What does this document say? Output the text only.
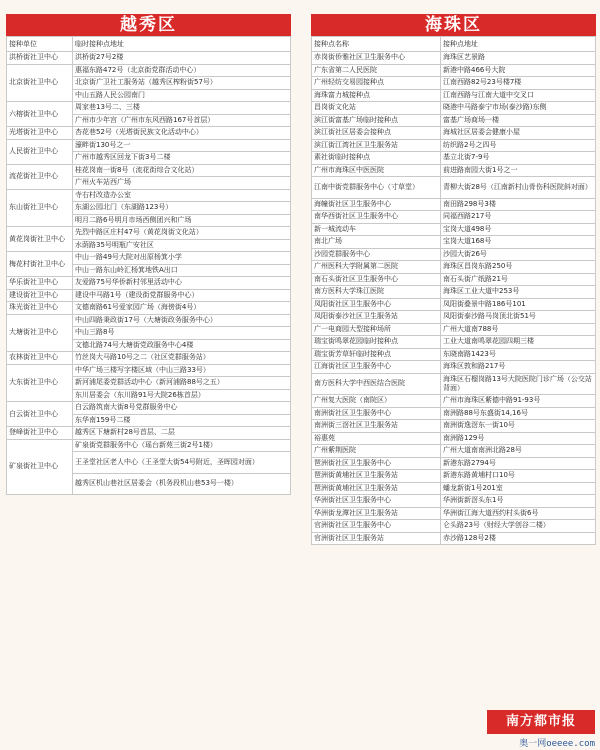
越秀区
接种单位	临时接种点地址
洪桥街社卫中心	洪桥街27号2楼
北京街社卫中心	惠福东路472号（北京街党群活动中心）
	北京街广卫社工服务站（越秀区榨粉街57号）
	中山五路人民公园南门
六榕街社卫中心	周家巷13号二、三楼
	广州市少年宫（广州市东风西路167号首层）
光塔街社卫中心	杏花巷52号（光塔街民族文化活动中心）
人民街社卫中心	濠畔街130号之一
	广州市越秀区回龙下街3号二楼
流花街社卫中心	桂花岗南一街8号（流花街综合文化站）
	广州火车站西广场
东山街社卫中心	寺右村改造办公室
	东湖公园北门（东湖路123号）
	明月二路6号明月市场西侧团兴和广场
黄花岗街社卫中心	先烈中路区庄村47号（黄花岗街文化站）
	水荫路35号明瓶广安社区
梅花村街社卫中心	中山一路49号大院对出原杨箕小学
	中山一路东山岭汇杨箕地铁A出口
华乐街社卫中心	友爱路75号华侨新村邻里活动中心
建设街社卫中心	建设中马路1号（建设街党群服务中心）
珠光街社卫中心	文德南路61号爱家园广场（海傍街4号）
大塘街社卫中心	中山四路秉政街17号（大塘街政务服务中心）
	中山三路8号
	文德北路74号大塘街党政服务中心4楼
农林街社卫中心	竹丝岗大马路10号之二（社区党群服务站）
大东街社卫中心	中华广场三楼写字楼区域（中山三路33号）
	新河浦尾委党群活动中心（新河浦路88号之五）
	东川居委会（东川路91号大院26栋首层）
白云街社卫中心	白云路筑南大街8号党群服务中心
	东华南159号二楼
登峰街社卫中心	越秀区下塘新村28号首层、二层
矿泉街社卫中心	矿泉街党群服务中心（瑶台新苑三街2号1楼）
	王圣堂社区老人中心（王圣堂大街54号附近，圣晖园对面）
	越秀区机山巷社区居委会（机务段机山巷53号一楼）
海珠区
接种点名称	接种点地址
赤岗街侨雅社区卫生服务中心	海珠区艺景路
广东省第二人民医院	新港中路466号大院
广州轻纺交易园接种点	江南西路82号23号楼7楼
海珠富力城接种点	江南西路与江南大道中交叉口
昌岗街文化站	晓港中马路泰宁市场(泰沙路)东侧
滨江街富基广场临时接种点	富基广场商场一楼
滨江街社区居委会接种点	海城社区居委会健康小屋
滨江街江湾社区卫生服务站	纺织路2号之四号
素社街临时接种点	基立北街7-9号
广州市海珠区中医医院	前进路南园大街1号之一
江南中街党群服务中心（寸草堂）	青柳大街28号（江南新村山骨伤科医院斜对面）
海幢街社区卫生服务中心	南田路298号3楼
南华西街社区卫生服务中心	同福西路217号
新一城流动车	宝岗大道498号
南北广场	宝岗大道168号
沙园党群服务中心	沙园大街26号
广州医科大学附属第二医院	海珠区昌岗东路250号
南石头街社区卫生服务中心	南石头街广纸路21号
南方医科大学珠江医院	海珠区工业大道中253号
凤阳街社区卫生服务中心	凤阳街叠景中路186号101
凤阳街泰沙社区卫生服务站	凤阳街泰沙路马岗顶北街51号
广一电商园大型接种场所	广州大道南788号
瑞宝街鸣翠花园临时接种点	工业大道南鸣翠花园四期三楼
瑞宝街芳草轩临时接种点	东晓南路1423号
江海街社区卫生服务中心	海珠区敦和路217号
南方医科大学中西医结合医院	海珠区石榴岗路13号大院医院门诊广场（公交站背面）
广州复大医院（南院区）	广州市海珠区紫德中路91-93号
南洲街社区卫生服务中心	南洲路88号东盛街14,16号
南洲街三滘社区卫生服务站	南洲街逸滘东一街10号
裕惠苑	南洲路129号
广州紫荆医院	广州大道南南洲北路28号
琶洲街社区卫生服务中心	新港东路2794号
琶洲街黄埔社区卫生服务站	新港东路黄埔村口10号
琶洲街黄埔社区卫生服务站	蟠龙新街1号201室
华洲街社区卫生服务中心	华洲街新滘头东1号
华洲街龙潭社区卫生服务站	华洲街江海大道西约村头街6号
官洲街社区卫生服务中心	仑头路23号（财经大学创谷二楼）
官洲街社区卫生服务站	赤沙路128号2楼
南方都市报
奥一网oeeee.com
